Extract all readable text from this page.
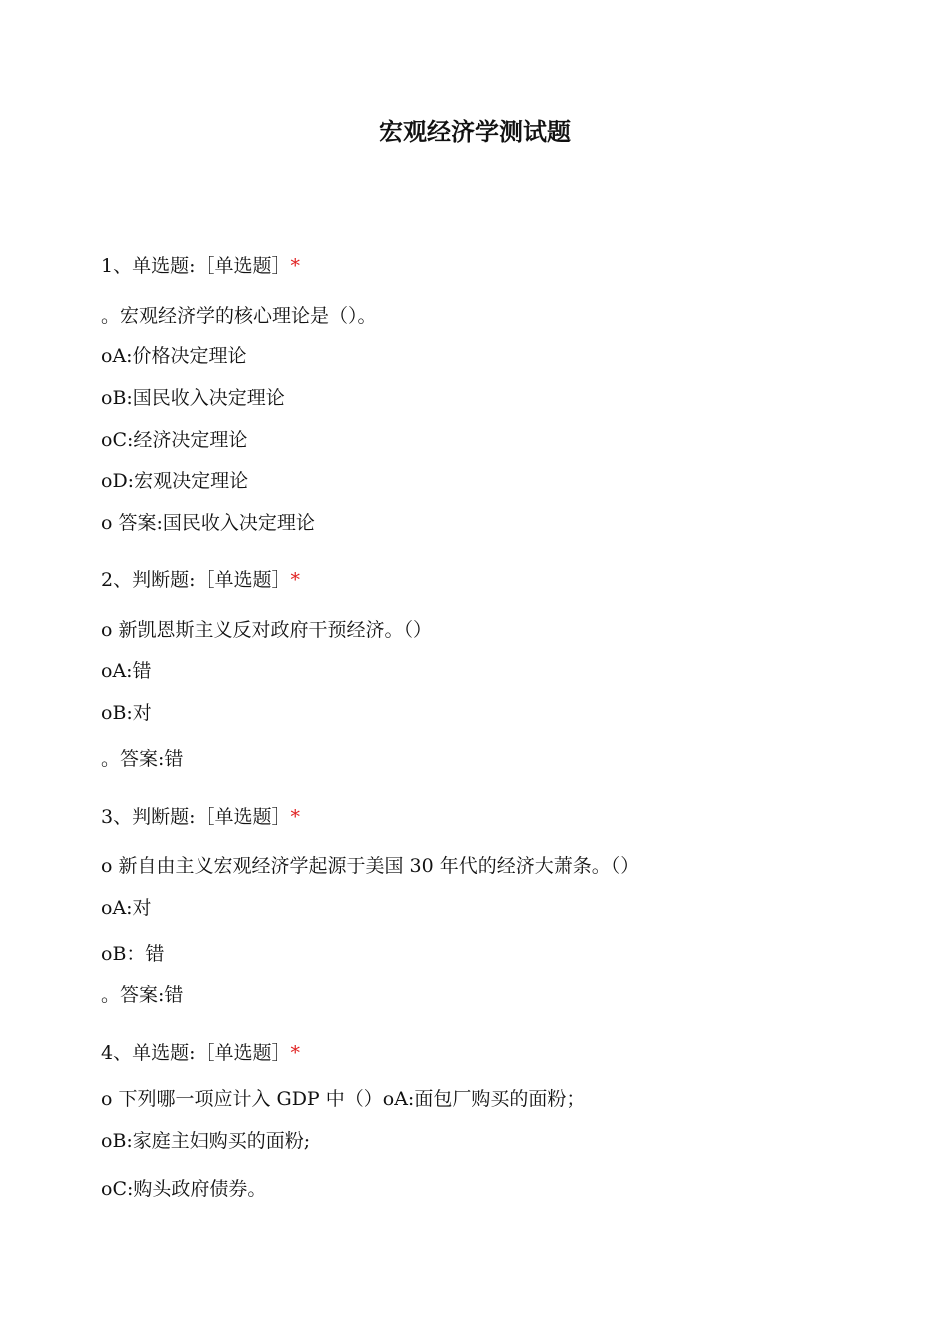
宏观经济学测试题
1、单选题:［单选题］*
。宏观经济学的核心理论是（）。
oA:价格决定理论
oB:国民收入决定理论
oC:经济决定理论
oD:宏观决定理论
o 答案:国民收入决定理论
2、判断题:［单选题］*
o 新凯恩斯主义反对政府干预经济。（）
oA:错
oB:对
。答案:错
3、判断题:［单选题］*
o 新自由主义宏观经济学起源于美国 30 年代的经济大萧条。（）
oA:对
oB：错
。答案:错
4、单选题:［单选题］*
o 下列哪一项应计入 GDP 中（）oA:面包厂购买的面粉；
oB:家庭主妇购买的面粉;
oC:购头政府债券。
